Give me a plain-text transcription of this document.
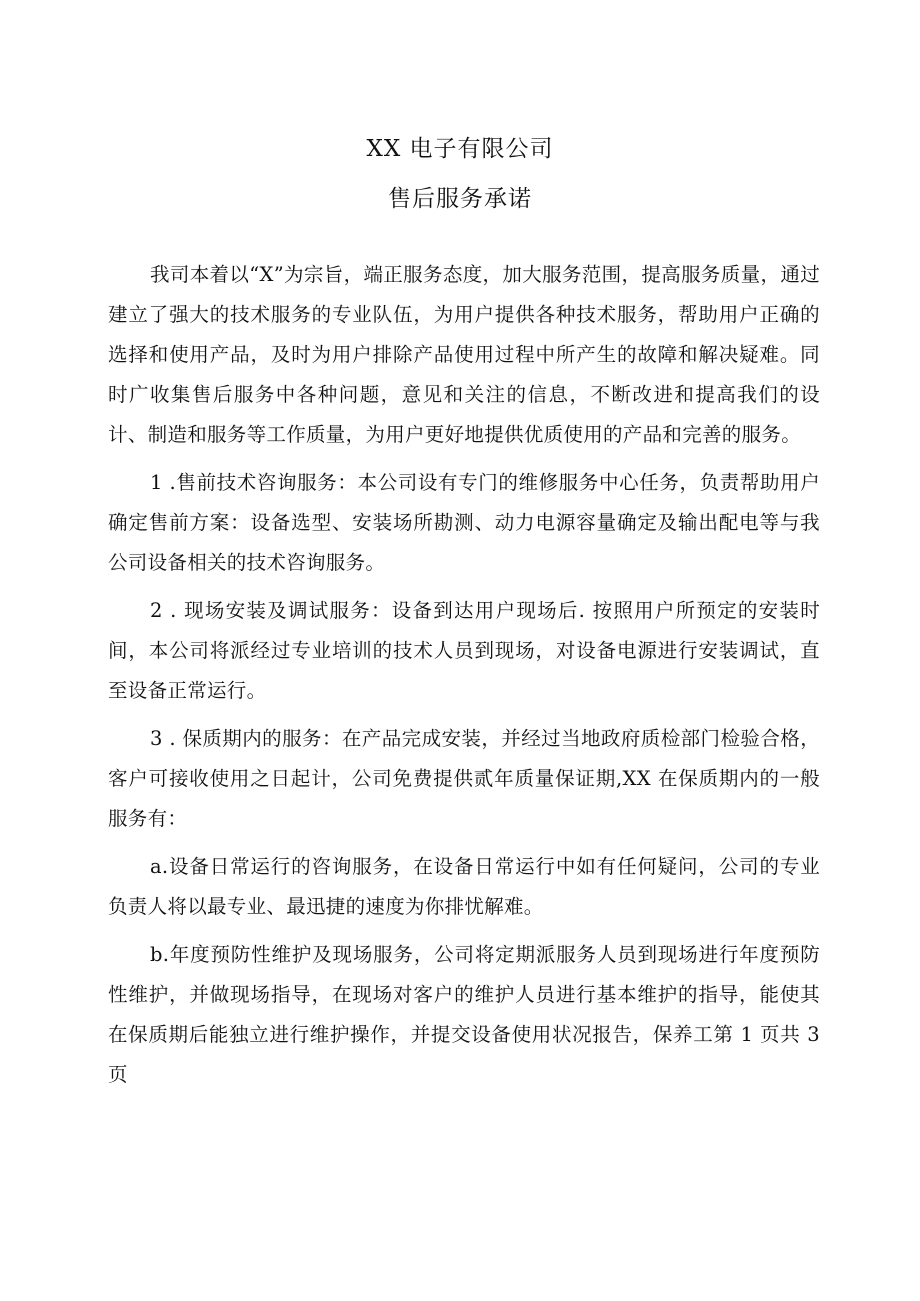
XX 电子有限公司
售后服务承诺

我司本着以“X”为宗旨，端正服务态度，加大服务范围，提高服务质量，通过建立了强大的技术服务的专业队伍，为用户提供各种技术服务，帮助用户正确的选择和使用产品，及时为用户排除产品使用过程中所产生的故障和解决疑难。同时广收集售后服务中各种问题，意见和关注的信息，不断改进和提高我们的设计、制造和服务等工作质量，为用户更好地提供优质使用的产品和完善的服务。

1 .售前技术咨询服务：本公司设有专门的维修服务中心任务，负责帮助用户确定售前方案：设备选型、安装场所勘测、动力电源容量确定及输出配电等与我公司设备相关的技术咨询服务。

2 . 现场安装及调试服务：设备到达用户现场后. 按照用户所预定的安装时间，本公司将派经过专业培训的技术人员到现场，对设备电源进行安装调试，直至设备正常运行。

3 . 保质期内的服务：在产品完成安装，并经过当地政府质检部门检验合格，客户可接收使用之日起计，公司免费提供贰年质量保证期,XX 在保质期内的一般服务有：

a.设备日常运行的咨询服务，在设备日常运行中如有任何疑问，公司的专业负责人将以最专业、最迅捷的速度为你排忧解难。

b.年度预防性维护及现场服务，公司将定期派服务人员到现场进行年度预防性维护，并做现场指导，在现场对客户的维护人员进行基本维护的指导，能使其在保质期后能独立进行维护操作，并提交设备使用状况报告，保养工第 1 页共 3 页
